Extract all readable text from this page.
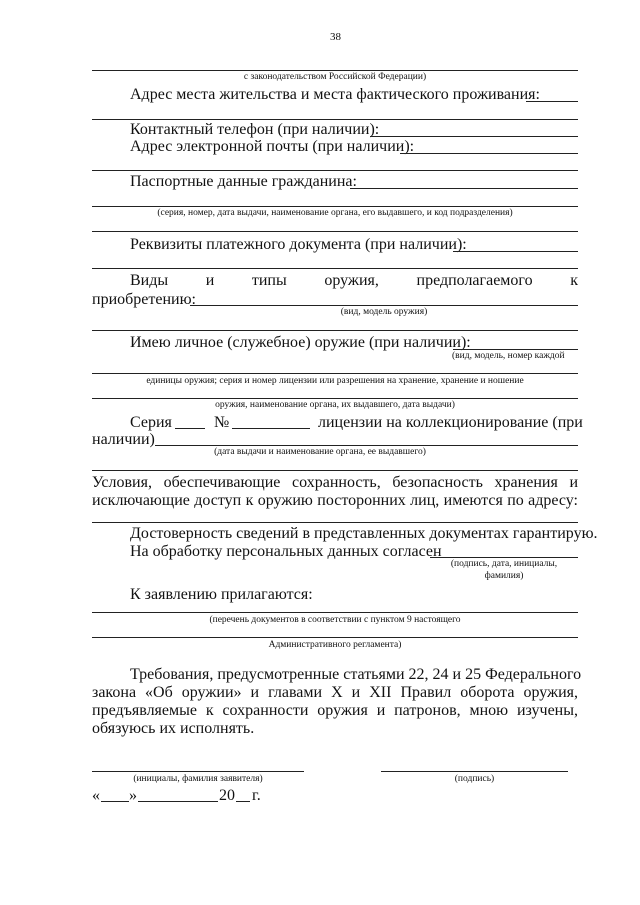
38
с законодательством Российской Федерации)
Адрес места жительства и места фактического проживания:
Контактный телефон (при наличии):
Адрес электронной почты (при наличии):
Паспортные данные гражданина:
(серия, номер, дата выдачи, наименование органа, его выдавшего, и код подразделения)
Реквизиты платежного документа (при наличии):
Виды и типы оружия, предполагаемого к
приобретению:
(вид, модель оружия)
Имею личное (служебное) оружие (при наличии):
(вид, модель, номер каждой
единицы оружия; серия и номер лицензии или разрешения на хранение, хранение и ношение
оружия, наименование органа, их выдавшего, дата выдачи)
Серия	№	лицензии на коллекционирование (при
наличии)
(дата выдачи и наименование органа, ее выдавшего)
Условия, обеспечивающие сохранность, безопасность хранения и
исключающие доступ к оружию посторонних лиц, имеются по адресу:
Достоверность сведений в представленных документах гарантирую.
На обработку персональных данных согласен
(подпись, дата, инициалы,
фамилия)
К заявлению прилагаются:
(перечень документов в соответствии с пунктом 9 настоящего
Административного регламента)
Требования, предусмотренные статьями 22, 24 и 25 Федерального
закона «Об оружии» и главами X и XII Правил оборота оружия,
предъявляемые к сохранности оружия и патронов, мною изучены,
обязуюсь их исполнять.
(инициалы, фамилия заявителя)	(подпись)
« »	20 г.
